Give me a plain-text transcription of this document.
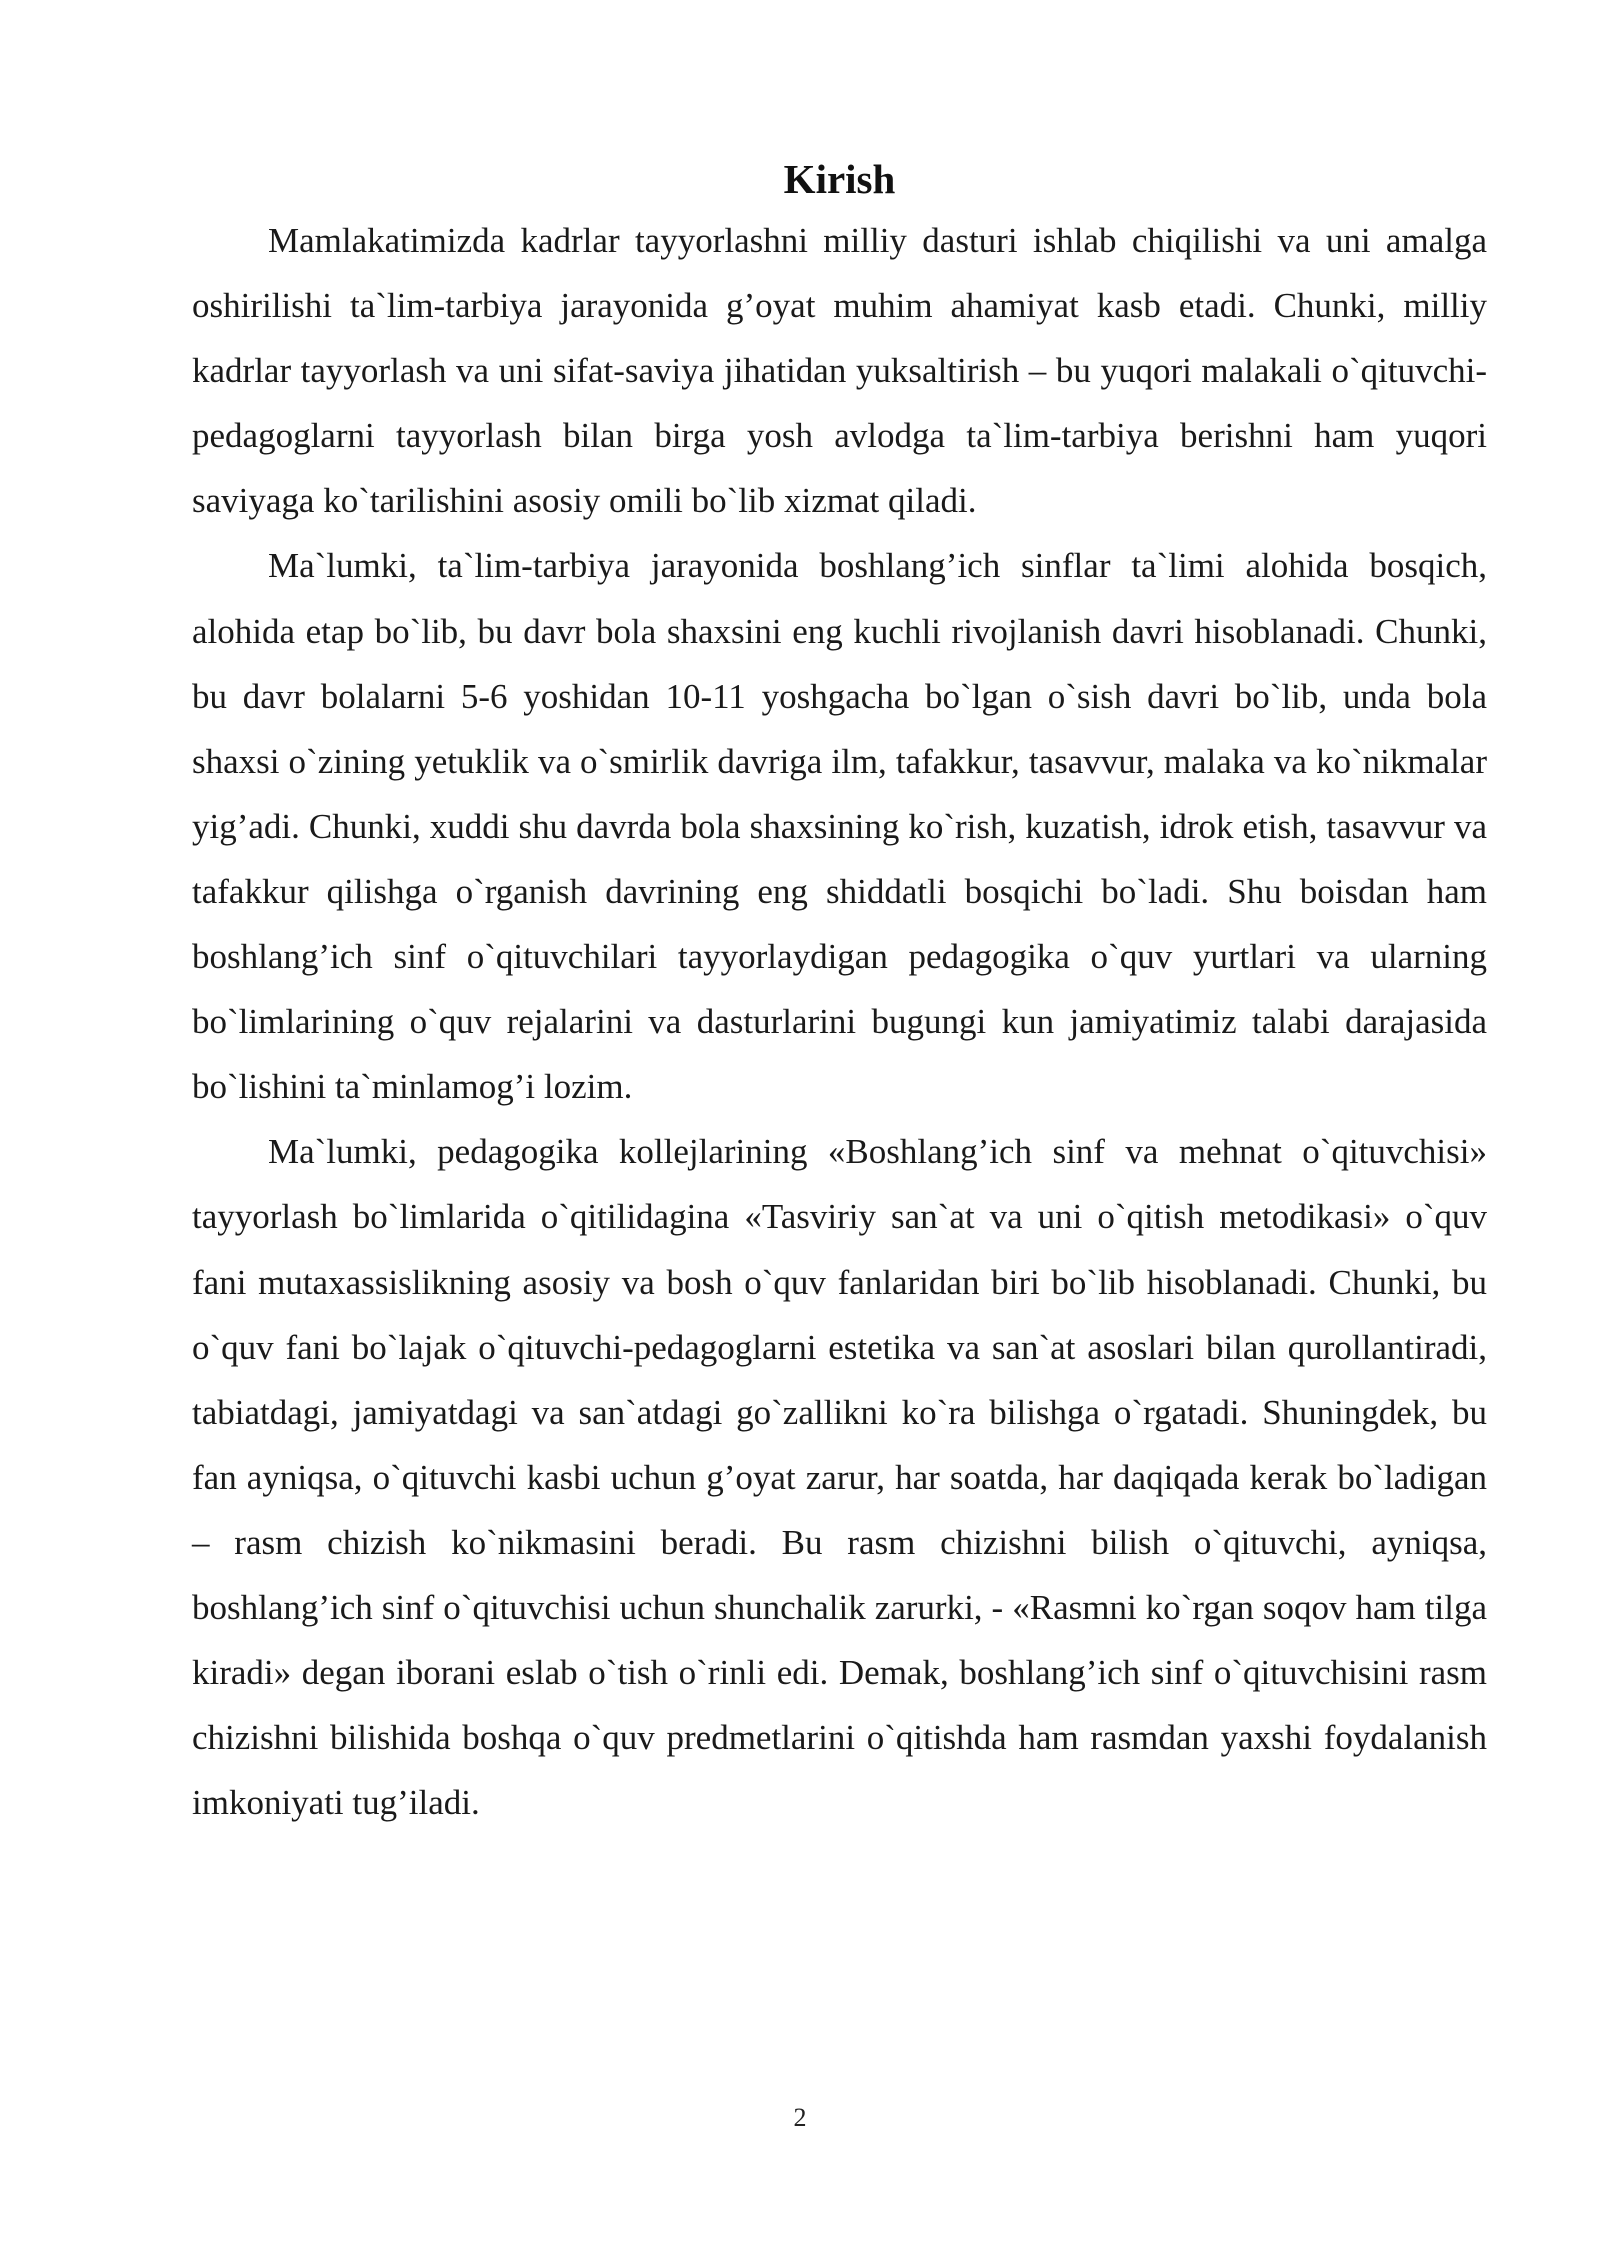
Kirish

Mamlakatimizda kadrlar tayyorlashni milliy dasturi ishlab chiqilishi va uni amalga oshirilishi ta`lim-tarbiya jarayonida g’oyat muhim ahamiyat kasb etadi. Chunki, milliy kadrlar tayyorlash va uni sifat-saviya jihatidan yuksaltirish – bu yuqori malakali o`qituvchi-pedagoglarni tayyorlash bilan birga yosh avlodga ta`lim-tarbiya berishni ham yuqori saviyaga ko`tarilishini asosiy omili bo`lib xizmat qiladi.

Ma`lumki, ta`lim-tarbiya jarayonida boshlang’ich sinflar ta`limi alohida bosqich, alohida etap bo`lib, bu davr bola shaxsini eng kuchli rivojlanish davri hisoblanadi. Chunki, bu davr bolalarni 5-6 yoshidan 10-11 yoshgacha bo`lgan o`sish davri bo`lib, unda bola shaxsi o`zining yetuklik va o`smirlik davriga ilm, tafakkur, tasavvur, malaka va ko`nikmalar yig’adi. Chunki, xuddi shu davrda bola shaxsining ko`rish, kuzatish, idrok etish, tasavvur va tafakkur qilishga o`rganish davrining eng shiddatli bosqichi bo`ladi. Shu boisdan ham boshlang’ich sinf o`qituvchilari tayyorlaydigan pedagogika o`quv yurtlari va ularning bo`limlarining o`quv rejalarini va dasturlarini bugungi kun jamiyatimiz talabi darajasida bo`lishini ta`minlamog’i lozim.

Ma`lumki, pedagogika kollejlarining «Boshlang’ich sinf va mehnat o`qituvchisi» tayyorlash bo`limlarida o`qitilidagina «Tasviriy san`at va uni o`qitish metodikasi» o`quv fani mutaxassislikning asosiy va bosh o`quv fanlaridan biri bo`lib hisoblanadi. Chunki, bu o`quv fani bo`lajak o`qituvchi-pedagoglarni estetika va san`at asoslari bilan qurollantiradi, tabiatdagi, jamiyatdagi va san`atdagi go`zallikni ko`ra bilishga o`rgatadi. Shuningdek, bu fan ayniqsa, o`qituvchi kasbi uchun g’oyat zarur, har soatda, har daqiqada kerak bo`ladigan – rasm chizish ko`nikmasini beradi. Bu rasm chizishni bilish o`qituvchi, ayniqsa, boshlang’ich sinf o`qituvchisi uchun shunchalik zarurki, - «Rasmni ko`rgan soqov ham tilga kiradi» degan iborani eslab o`tish o`rinli edi. Demak, boshlang’ich sinf o`qituvchisini rasm chizishni bilishida boshqa o`quv predmetlarini o`qitishda ham rasmdan yaxshi foydalanish imkoniyati tug’iladi.

2
